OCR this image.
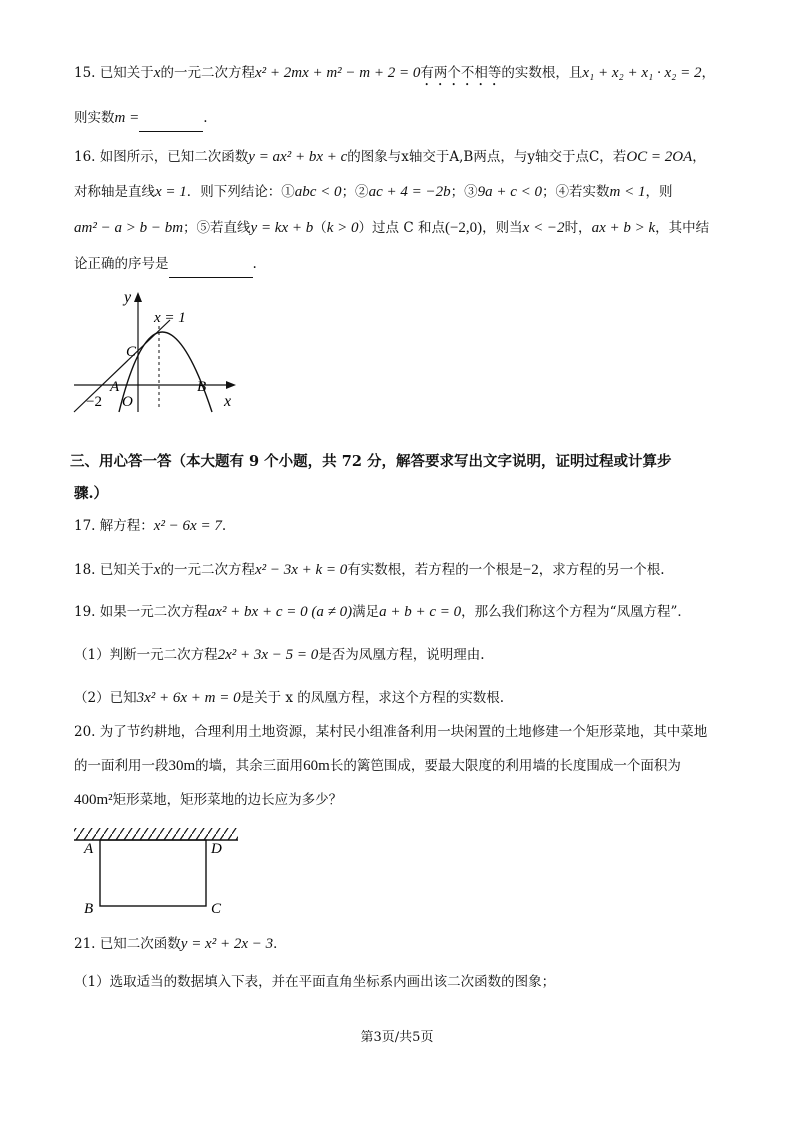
15. 已知关于x的一元二次方程x² + 2mx + m² − m + 2 = 0有两个不相等的实数根，且x₁ + x₂ + x₁ · x₂ = 2，
则实数m =	.
16. 如图所示，已知二次函数y = ax² + bx + c的图象与x轴交于A,B两点，与y轴交于点C，若OC = 2OA，
对称轴是直线x = 1．则下列结论：①abc < 0；②ac + 4 = −2b；③9a + c < 0；④若实数m < 1，则
am² − a > b − bm；⑤若直线y = kx + b（k > 0）过点 C 和点(−2,0)，则当x < −2时，ax + b > k，其中结
论正确的序号是	.
y
x
x = 1
C
A	B
O
−2
三、用心答一答（本大题有 9 个小题，共 72 分，解答要求写出文字说明，证明过程或计算步
骤.）
17. 解方程：x² − 6x = 7.
18. 已知关于x的一元二次方程x² − 3x + k = 0有实数根，若方程的一个根是−2，求方程的另一个根.
19. 如果一元二次方程ax² + bx + c = 0 (a ≠ 0)满足a + b + c = 0，那么我们称这个方程为“凤凰方程”．
（1）判断一元二次方程2x² + 3x − 5 = 0是否为凤凰方程，说明理由.
（2）已知3x² + 6x + m = 0是关于 x 的凤凰方程，求这个方程的实数根.
20. 为了节约耕地，合理利用土地资源，某村民小组准备利用一块闲置的土地修建一个矩形菜地，其中菜地
的一面利用一段30m的墙，其余三面用60m长的篱笆围成，要最大限度的利用墙的长度围成一个面积为
400m²矩形菜地，矩形菜地的边长应为多少？
A	D
B	C
21. 已知二次函数y = x² + 2x − 3．
（1）选取适当的数据填入下表，并在平面直角坐标系内画出该二次函数的图象；
第3页/共5页
